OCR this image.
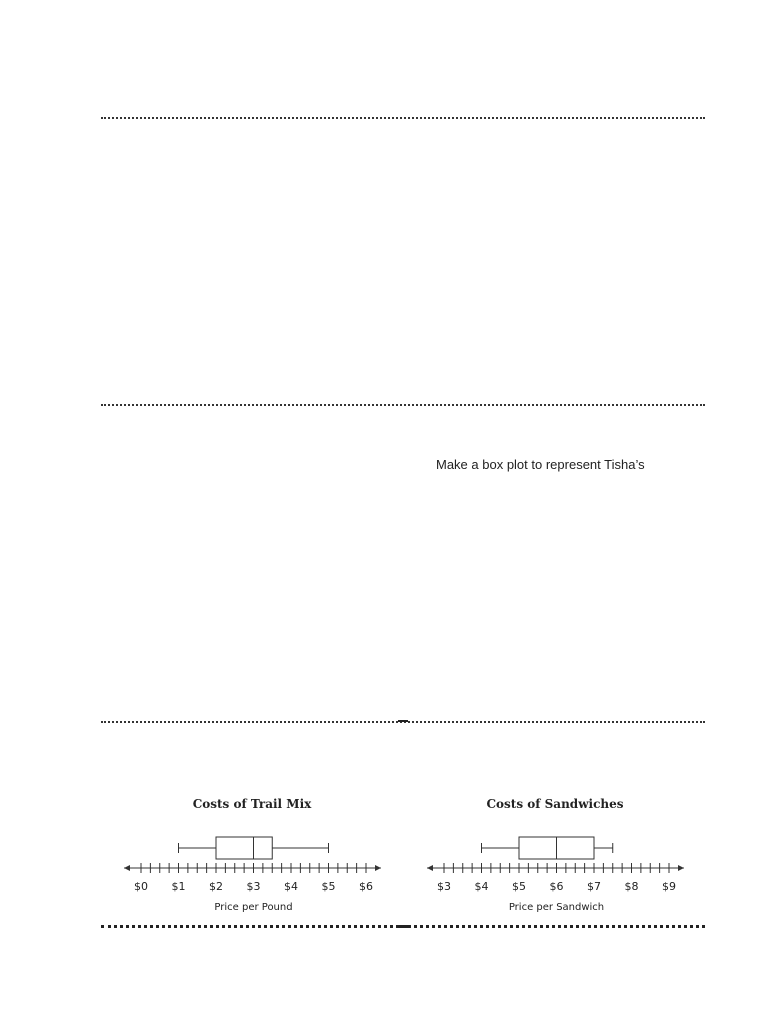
Make a box plot to represent Tisha’s
Costs of Trail Mix
$0 $1 $2 $3 $4 $5 $6
Price per Pound
Costs of Sandwiches
$3 $4 $5 $6 $7 $8 $9
Price per Sandwich
